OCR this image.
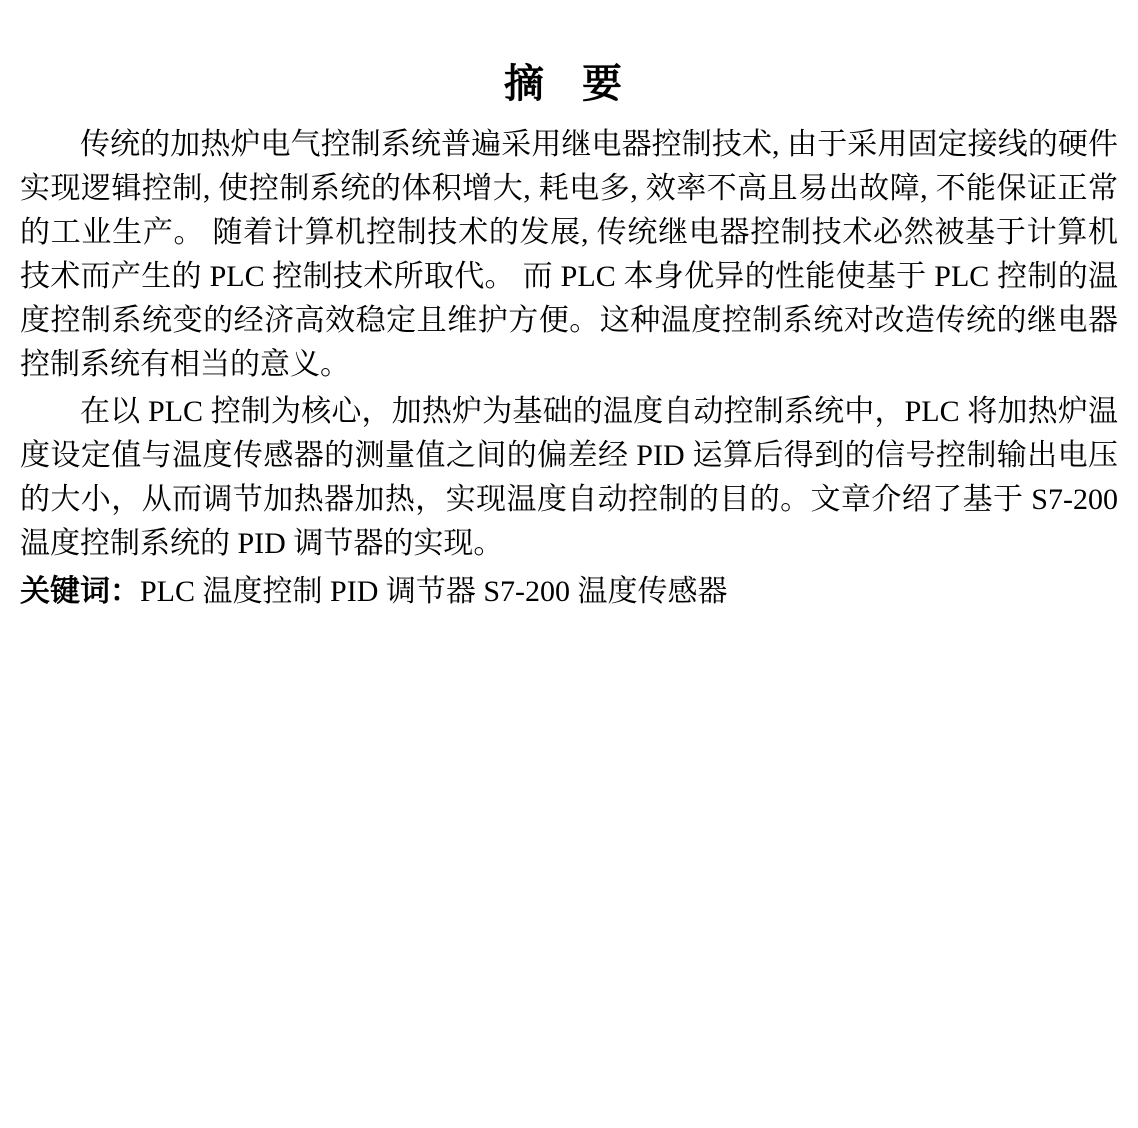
摘 要

传统的加热炉电气控制系统普遍采用继电器控制技术, 由于采用固定接线的硬件实现逻辑控制, 使控制系统的体积增大, 耗电多, 效率不高且易出故障, 不能保证正常的工业生产。 随着计算机控制技术的发展, 传统继电器控制技术必然被基于计算机技术而产生的 PLC 控制技术所取代。 而 PLC 本身优异的性能使基于 PLC 控制的温度控制系统变的经济高效稳定且维护方便。这种温度控制系统对改造传统的继电器控制系统有相当的意义。

在以 PLC 控制为核心，加热炉为基础的温度自动控制系统中，PLC 将加热炉温度设定值与温度传感器的测量值之间的偏差经 PID 运算后得到的信号控制输出电压的大小，从而调节加热器加热，实现温度自动控制的目的。文章介绍了基于 S7-200 温度控制系统的 PID 调节器的实现。

关键词：PLC 温度控制 PID 调节器 S7-200 温度传感器
